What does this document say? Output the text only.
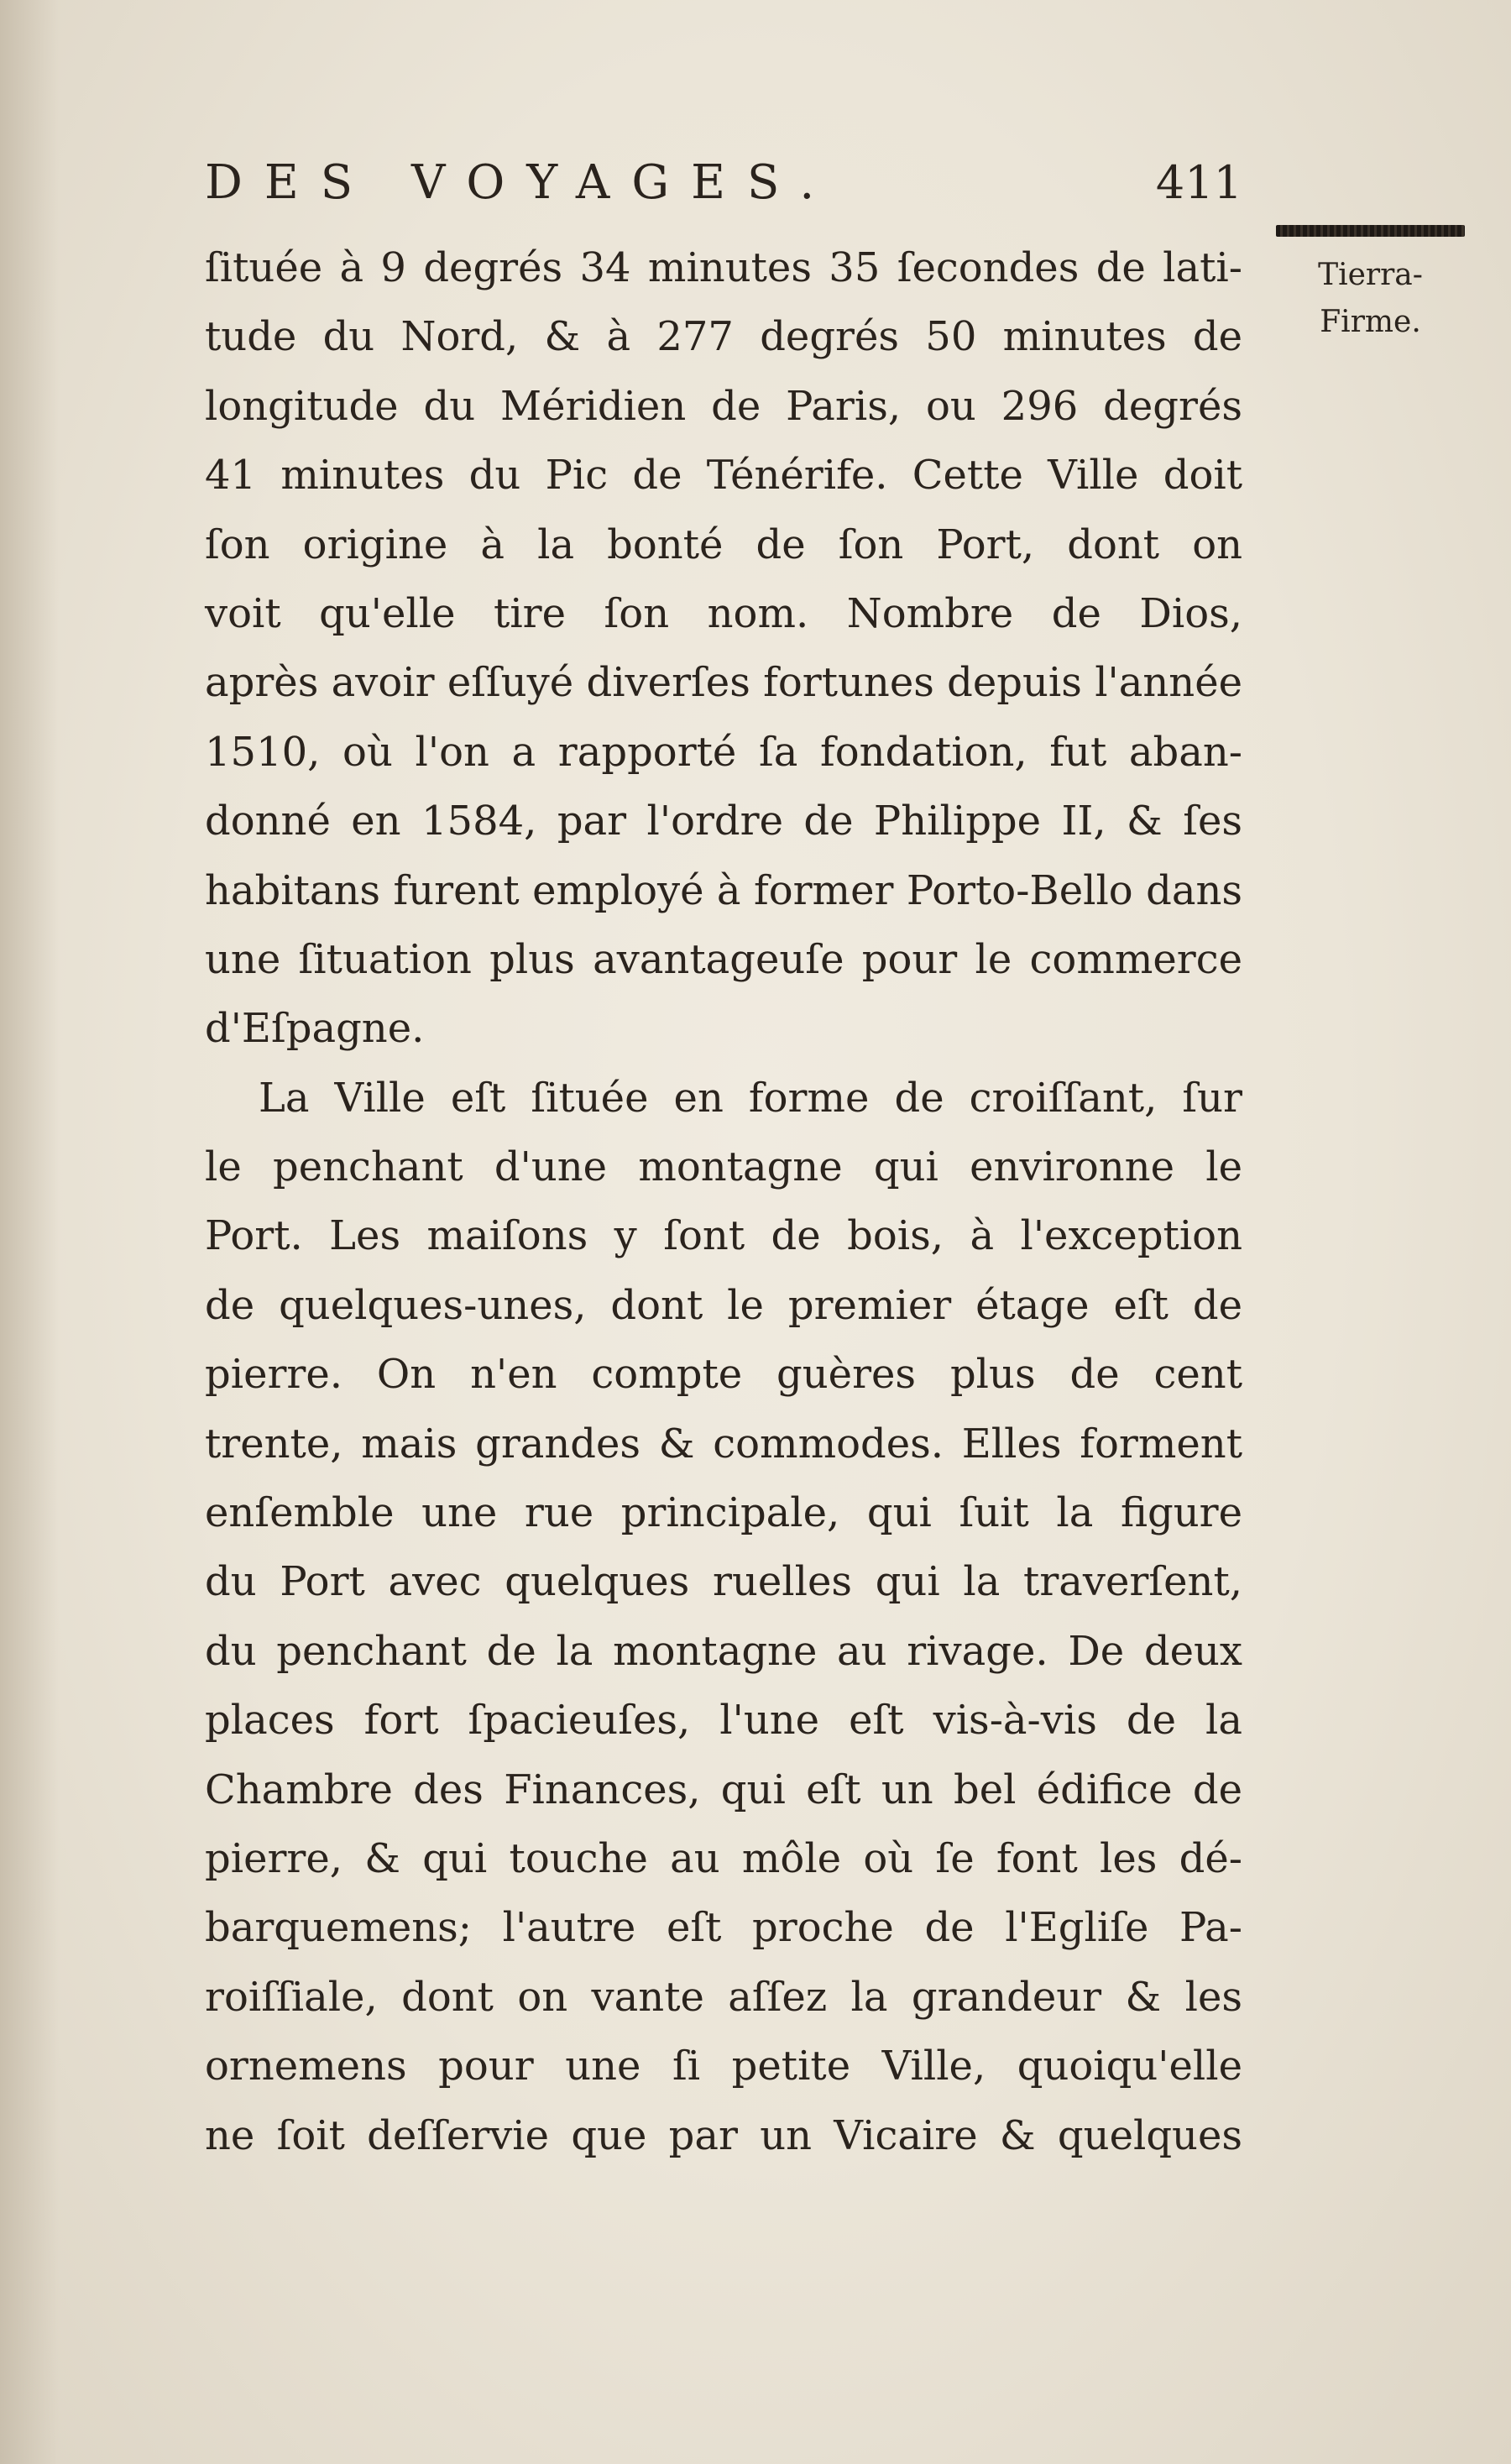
DES VOYAGES.	411
Tierra-
Firme.
ſituée à 9 degrés 34 minutes 35 ſecondes de lati-
tude du Nord, & à 277 degrés 50 minutes de
longitude du Méridien de Paris, ou 296 degrés
41 minutes du Pic de Ténérife. Cette Ville doit
ſon origine à la bonté de ſon Port, dont on
voit qu'elle tire ſon nom. Nombre de Dios,
après avoir eſſuyé diverſes fortunes depuis l'année
1510, où l'on a rapporté ſa fondation, fut aban-
donné en 1584, par l'ordre de Philippe II, & ſes
habitans furent employé à former Porto-Bello dans
une ſituation plus avantageuſe pour le commerce
d'Eſpagne.
La Ville eſt ſituée en forme de croiſſant, ſur
le penchant d'une montagne qui environne le
Port. Les maiſons y ſont de bois, à l'exception
de quelques-unes, dont le premier étage eſt de
pierre. On n'en compte guères plus de cent
trente, mais grandes & commodes. Elles forment
enſemble une rue principale, qui ſuit la figure
du Port avec quelques ruelles qui la traverſent,
du penchant de la montagne au rivage. De deux
places fort ſpacieuſes, l'une eſt vis-à-vis de la
Chambre des Finances, qui eſt un bel édifice de
pierre, & qui touche au môle où ſe font les dé-
barquemens; l'autre eſt proche de l'Egliſe Pa-
roiſſiale, dont on vante aſſez la grandeur & les
ornemens pour une ſi petite Ville, quoiqu'elle
ne ſoit deſſervie que par un Vicaire & quelques
